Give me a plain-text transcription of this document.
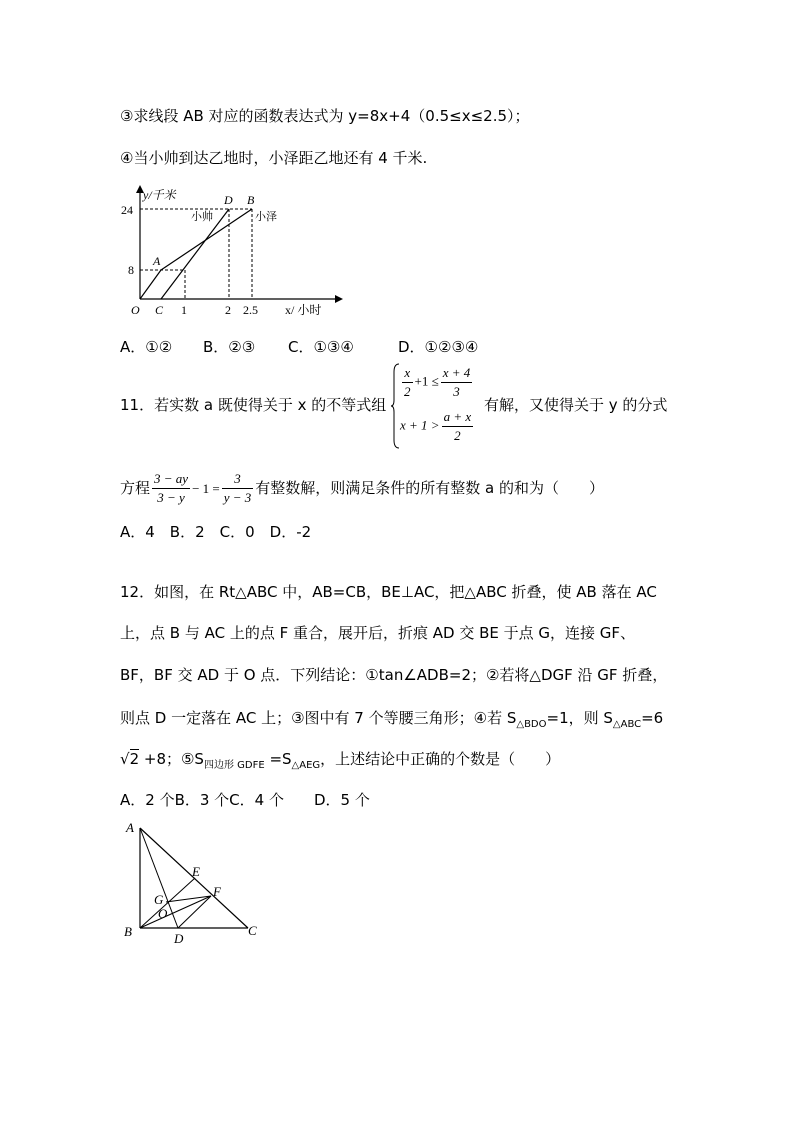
③求线段 AB 对应的函数表达式为 y=8x+4（0.5≤x≤2.5）；
④当小帅到达乙地时，小泽距乙地还有 4 千米.
y/千米
x/ 小时
24
8
O C 1	2 2.5
A
D B
小帅	小泽
A．①② B．②③ C．①③④	D．①②③④
11．若实数 a 既使得关于 x 的不等式组
$\frac{x}{2} +1 \le \frac{x + 4}{3}$
$x + 1 > \frac{a + x}{2}$
有解，又使得关于 y 的分式
方程 $\frac{3 - ay}{3 - y} - 1 = \frac{3}{y - 3}$ 有整数解，则满足条件的所有整数 a 的和为（　　）
A．4　B．2　C．0　D．-2
12．如图，在 Rt△ABC 中，AB=CB，BE⊥AC，把△ABC 折叠，使 AB 落在 AC
上，点 B 与 AC 上的点 F 重合，展开后，折痕 AD 交 BE 于点 G，连接 GF、
BF，BF 交 AD 于 O 点．下列结论：①tan∠ADB=2；②若将△DGF 沿 GF 折叠，
则点 D 一定落在 AC 上；③图中有 7 个等腰三角形；④若 $S_{\triangle BDO}=1$，则 $S_{\triangle ABC}=6$
√2 +8；$⑤S_{四边形 GDFE} =S_{\triangle AEG}$，上述结论中正确的个数是（　　）
A．2 个B．3 个C．4 个　　D．5 个
A
B	C
D
E
F
G
O
